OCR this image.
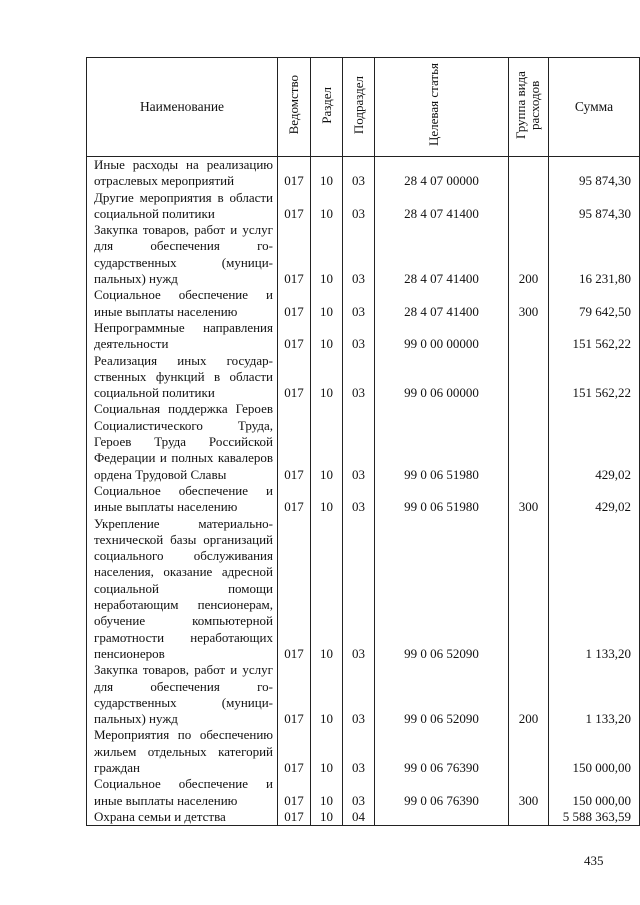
Наименование	Ведомство	Раздел	Подраздел	Целевая статья	Группа вида расходов	Сумма
Иные расходы на реализацию отраслевых мероприятий	017	10	03	28 4 07 00000		95 874,30
Другие мероприятия в области социальной политики	017	10	03	28 4 07 41400		95 874,30
Закупка товаров, работ и услуг для обеспечения государственных (муниципальных) нужд	017	10	03	28 4 07 41400	200	16 231,80
Социальное обеспечение и иные выплаты населению	017	10	03	28 4 07 41400	300	79 642,50
Непрограммные направления деятельности	017	10	03	99 0 00 00000		151 562,22
Реализация иных государственных функций в области социальной политики	017	10	03	99 0 06 00000		151 562,22
Социальная поддержка Героев Социалистического Труда, Героев Труда Российской Федерации и полных кавалеров ордена Трудовой Славы	017	10	03	99 0 06 51980		429,02
Социальное обеспечение и иные выплаты населению	017	10	03	99 0 06 51980	300	429,02
Укрепление материально-технической базы организаций социального обслуживания населения, оказание адресной социальной помощи неработающим пенсионерам, обучение компьютерной грамотности неработающих пенсионеров	017	10	03	99 0 06 52090		1 133,20
Закупка товаров, работ и услуг для обеспечения государственных (муниципальных) нужд	017	10	03	99 0 06 52090	200	1 133,20
Мероприятия по обеспечению жильем отдельных категорий граждан	017	10	03	99 0 06 76390		150 000,00
Социальное обеспечение и иные выплаты населению	017	10	03	99 0 06 76390	300	150 000,00
Охрана семьи и детства	017	10	04			5 588 363,59
435
